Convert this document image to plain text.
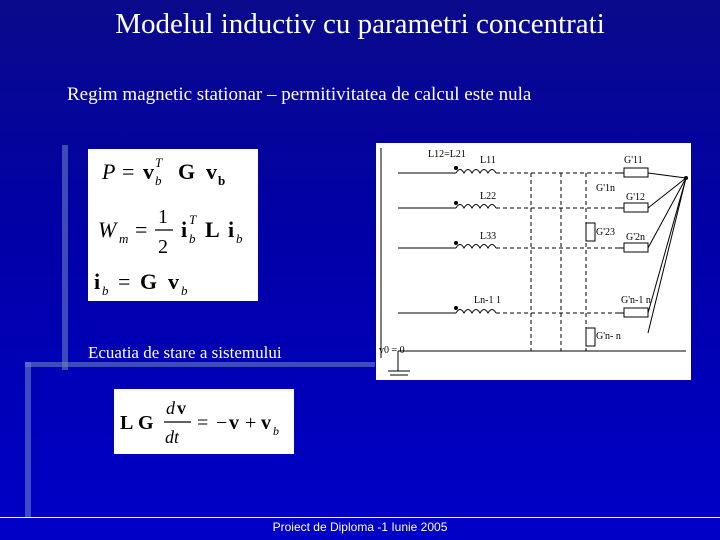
Modelul inductiv cu parametri concentrati
Regim magnetic stationar – permitivitatea de calcul este nula
P = v b
T G v b
W m = 1
2
i b
T L i b
i b = G v b
Ecuatia de stare a sistemului
L G
d v
dt
= − v + v b
L12=L21
L11
L22
L33
Ln-1 1
G'11
G'1n
G'12
G'23 G'2n
G'n-1 n
G'n- n
v0 = 0
Proiect de Diploma -1 Iunie 2005
